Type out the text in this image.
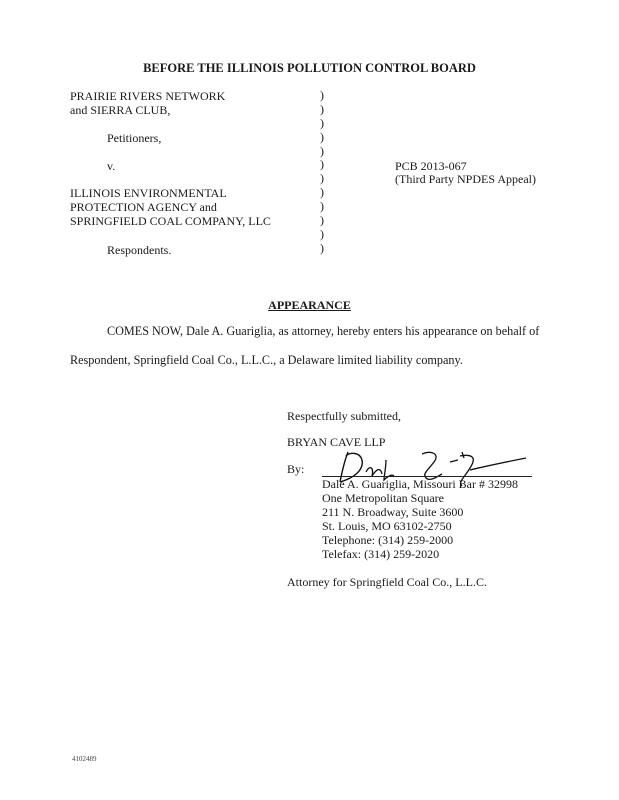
BEFORE THE ILLINOIS POLLUTION CONTROL BOARD
PRAIRIE RIVERS NETWORK
and SIERRA CLUB,
Petitioners,
v.
ILLINOIS ENVIRONMENTAL
PROTECTION AGENCY and
SPRINGFIELD COAL COMPANY, LLC
Respondents.
)
)
)
)
)
)
)
)
)
)
)
)
PCB 2013-067
(Third Party NPDES Appeal)
APPEARANCE
COMES NOW, Dale A. Guariglia, as attorney, hereby enters his appearance on behalf of
Respondent, Springfield Coal Co., L.L.C., a Delaware limited liability company.
Respectfully submitted,
BRYAN CAVE LLP
By:
Dale A. Guariglia, Missouri Bar # 32998
One Metropolitan Square
211 N. Broadway, Suite 3600
St. Louis, MO 63102-2750
Telephone: (314) 259-2000
Telefax: (314) 259-2020
Attorney for Springfield Coal Co., L.L.C.
4102489
